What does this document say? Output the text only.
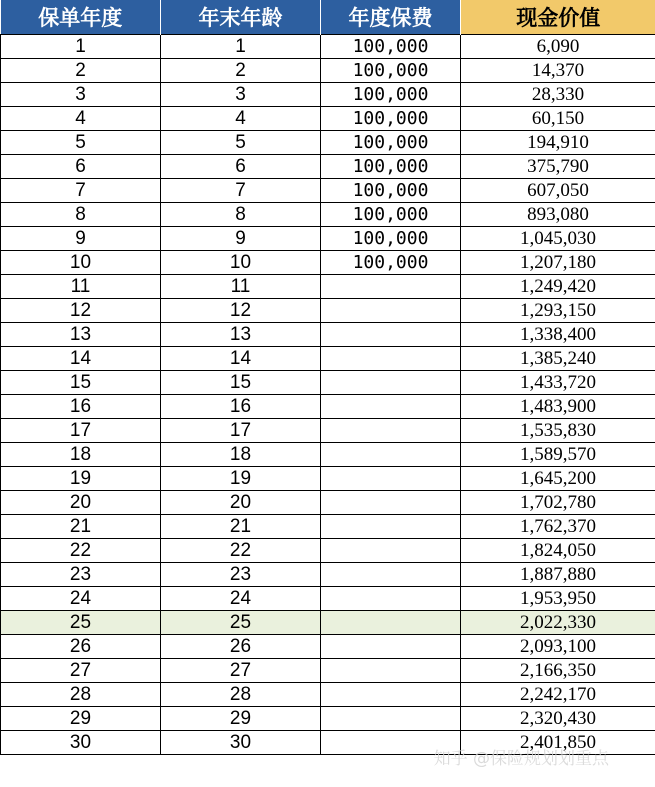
保单年度	年末年龄	年度保费	现金价值
1	1	100,000	6,090
2	2	100,000	14,370
3	3	100,000	28,330
4	4	100,000	60,150
5	5	100,000	194,910
6	6	100,000	375,790
7	7	100,000	607,050
8	8	100,000	893,080
9	9	100,000	1,045,030
10	10	100,000	1,207,180
11	11		1,249,420
12	12		1,293,150
13	13		1,338,400
14	14		1,385,240
15	15		1,433,720
16	16		1,483,900
17	17		1,535,830
18	18		1,589,570
19	19		1,645,200
20	20		1,702,780
21	21		1,762,370
22	22		1,824,050
23	23		1,887,880
24	24		1,953,950
25	25		2,022,330
26	26		2,093,100
27	27		2,166,350
28	28		2,242,170
29	29		2,320,430
30	30		2,401,850
知乎 @保险规划划重点
